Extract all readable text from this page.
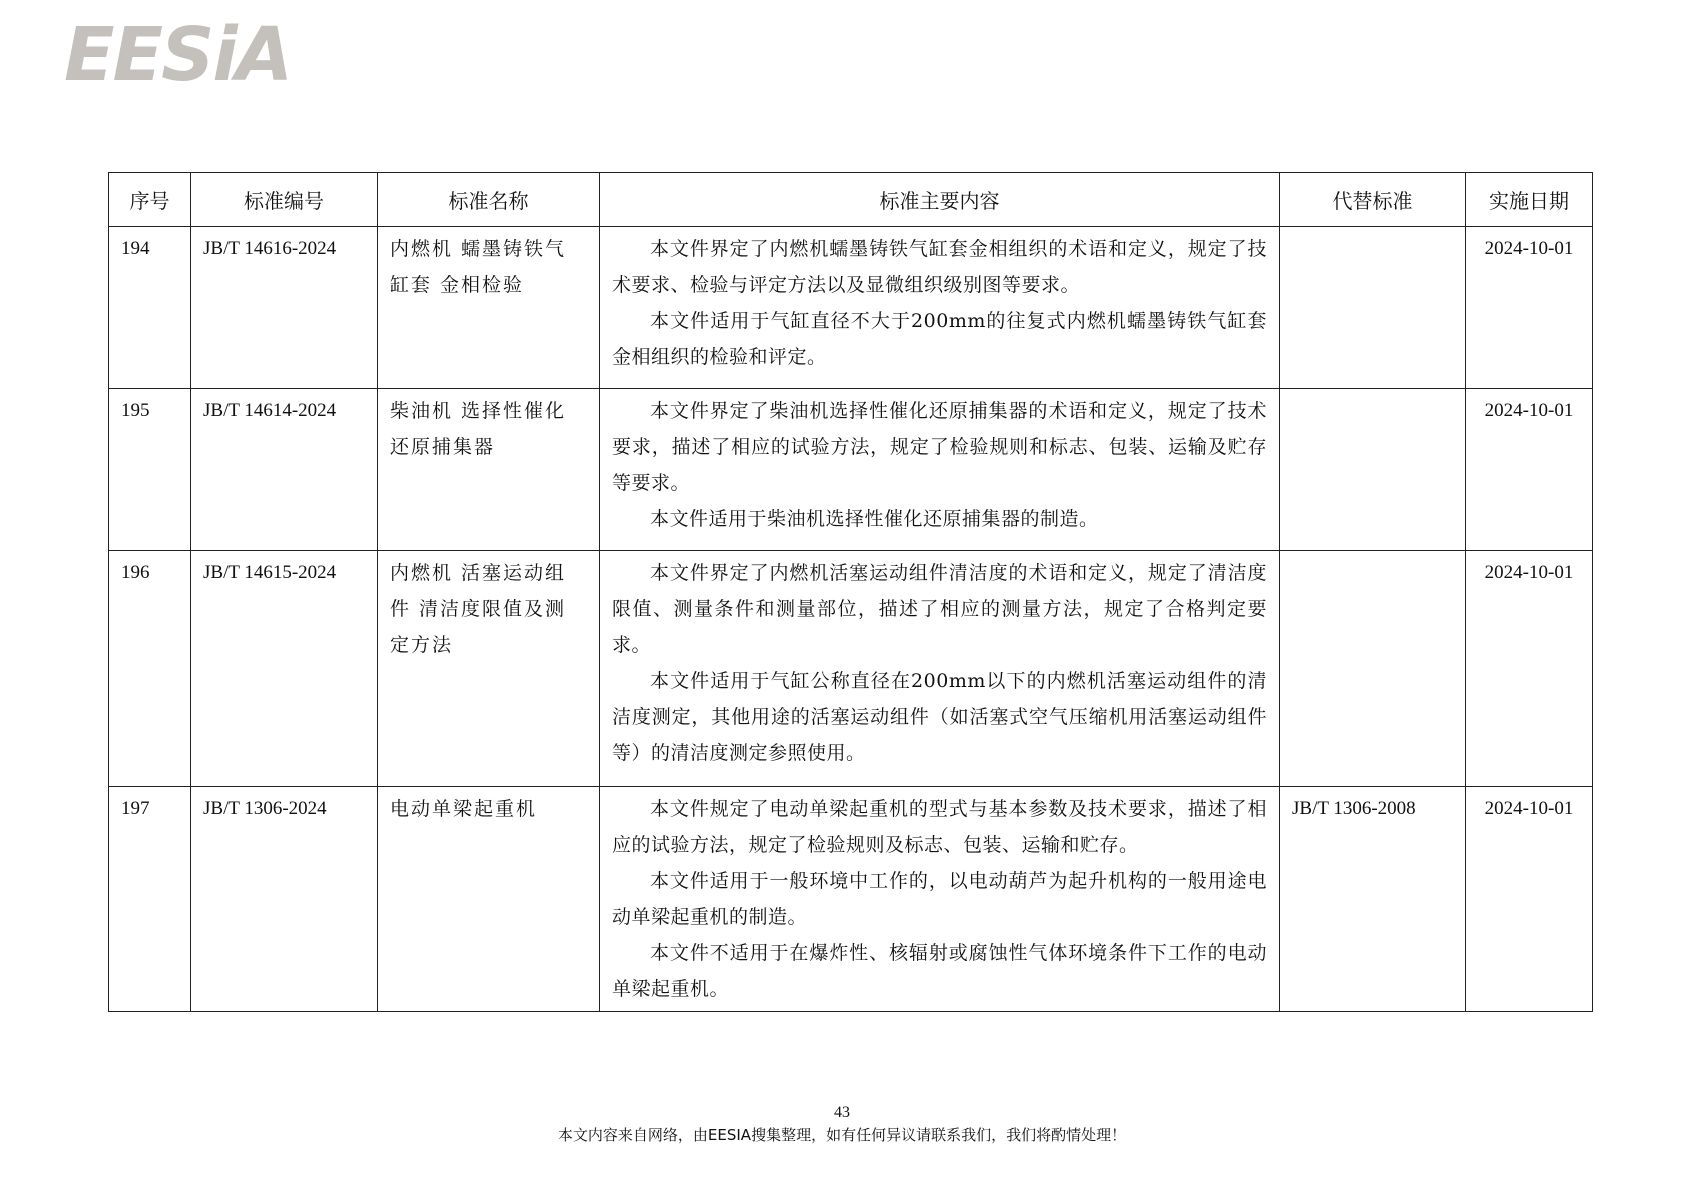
EESiA
序号	标准编号	标准名称	标准主要内容	代替标准	实施日期
194	JB/T 14616-2024	内燃机 蠕墨铸铁气缸套 金相检验	本文件界定了内燃机蠕墨铸铁气缸套金相组织的术语和定义，规定了技术要求、检验与评定方法以及显微组织级别图等要求。

本文件适用于气缸直径不大于200mm的往复式内燃机蠕墨铸铁气缸套金相组织的检验和评定。		2024-10-01
195	JB/T 14614-2024	柴油机 选择性催化还原捕集器	本文件界定了柴油机选择性催化还原捕集器的术语和定义，规定了技术要求，描述了相应的试验方法，规定了检验规则和标志、包装、运输及贮存等要求。

本文件适用于柴油机选择性催化还原捕集器的制造。		2024-10-01
196	JB/T 14615-2024	内燃机 活塞运动组件 清洁度限值及测定方法	本文件界定了内燃机活塞运动组件清洁度的术语和定义，规定了清洁度限值、测量条件和测量部位，描述了相应的测量方法，规定了合格判定要求。

本文件适用于气缸公称直径在200mm以下的内燃机活塞运动组件的清洁度测定，其他用途的活塞运动组件（如活塞式空气压缩机用活塞运动组件等）的清洁度测定参照使用。		2024-10-01
197	JB/T 1306-2024	电动单梁起重机	本文件规定了电动单梁起重机的型式与基本参数及技术要求，描述了相应的试验方法，规定了检验规则及标志、包装、运输和贮存。

本文件适用于一般环境中工作的，以电动葫芦为起升机构的一般用途电动单梁起重机的制造。

本文件不适用于在爆炸性、核辐射或腐蚀性气体环境条件下工作的电动单梁起重机。	JB/T 1306-2008	2024-10-01
43
本文内容来自网络，由EESIA搜集整理，如有任何异议请联系我们，我们将酌情处理！
